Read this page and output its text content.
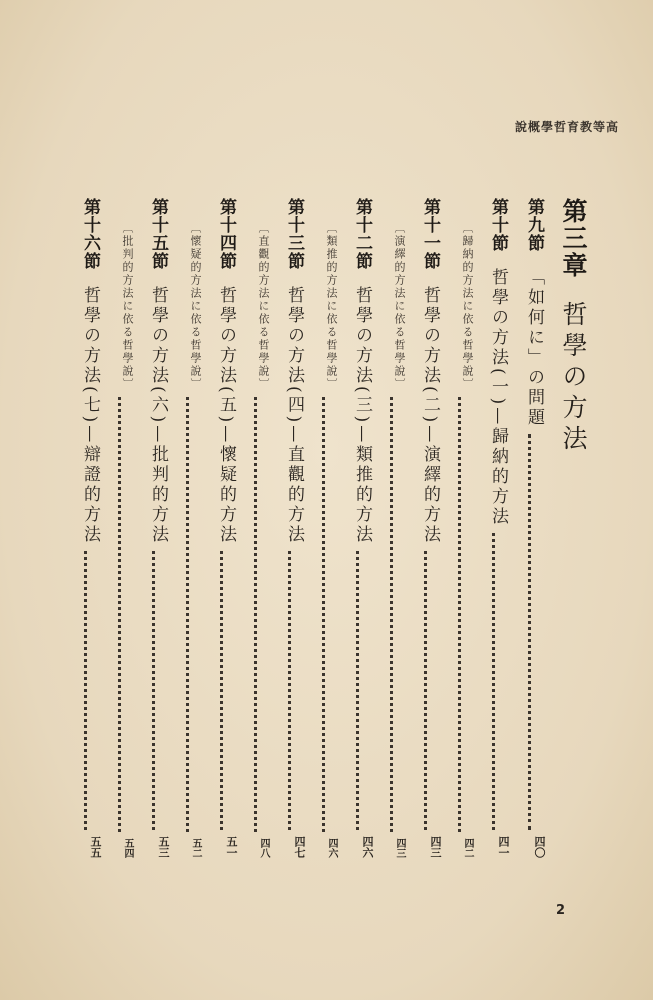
高等教育哲學概說
第三章
哲學の方法
第九節
「如何に」の問題
四〇
第十節
哲學の方法(一)—歸納的方法
四一
〔歸納的方法に依る哲學說〕
四二
第十一節
哲學の方法(二)—演繹的方法
四三
〔演繹的方法に依る哲學說〕
四三
第十二節
哲學の方法(三)—類推的方法
四六
〔類推的方法に依る哲學說〕
四六
第十三節
哲學の方法(四)—直觀的方法
四七
〔直觀的方法に依る哲學說〕
四八
第十四節
哲學の方法(五)—懷疑的方法
五一
〔懷疑的方法に依る哲學說〕
五二
第十五節
哲學の方法(六)—批判的方法
五三
〔批判的方法に依る哲學說〕
五四
第十六節
哲學の方法(七)—辯證的方法
五五
2
